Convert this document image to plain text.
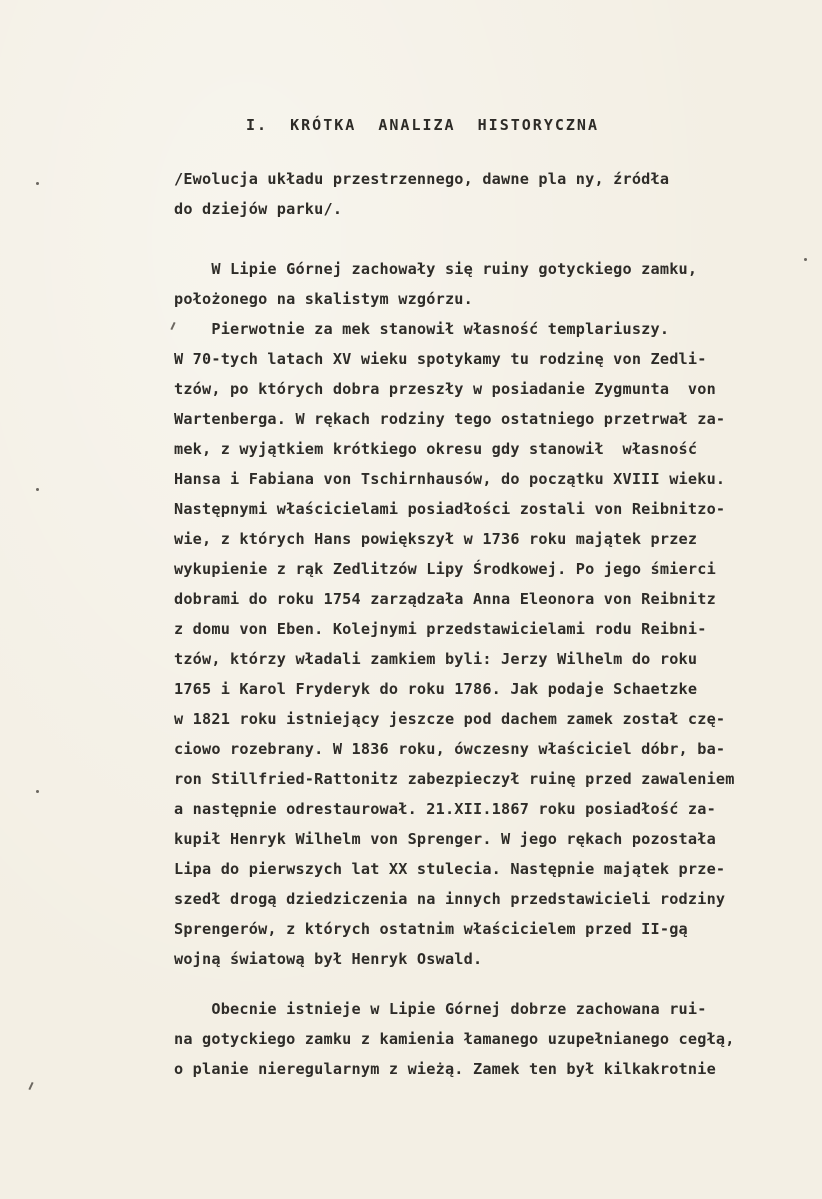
I.  KRÓTKA  ANALIZA  HISTORYCZNA
/Ewolucja układu przestrzennego, dawne pla ny, źródła
do dziejów parku/.
W Lipie Górnej zachowały się ruiny gotyckiego zamku,
położonego na skalistym wzgórzu.
Pierwotnie za mek stanowił własność templariuszy.
W 70-tych latach XV wieku spotykamy tu rodzinę von Zedli-
tzów, po których dobra przeszły w posiadanie Zygmunta  von
Wartenberga. W rękach rodziny tego ostatniego przetrwał za-
mek, z wyjątkiem krótkiego okresu gdy stanowił  własność
Hansa i Fabiana von Tschirnhausów, do początku XVIII wieku.
Następnymi właścicielami posiadłości zostali von Reibnitzo-
wie, z których Hans powiększył w 1736 roku majątek przez
wykupienie z rąk Zedlitzów Lipy Środkowej. Po jego śmierci
dobrami do roku 1754 zarządzała Anna Eleonora von Reibnitz
z domu von Eben. Kolejnymi przedstawicielami rodu Reibni-
tzów, którzy władali zamkiem byli: Jerzy Wilhelm do roku
1765 i Karol Fryderyk do roku 1786. Jak podaje Schaetzke
w 1821 roku istniejący jeszcze pod dachem zamek został czę-
ciowo rozebrany. W 1836 roku, ówczesny właściciel dóbr, ba-
ron Stillfried-Rattonitz zabezpieczył ruinę przed zawaleniem
a następnie odrestaurował. 21.XII.1867 roku posiadłość za-
kupił Henryk Wilhelm von Sprenger. W jego rękach pozostała
Lipa do pierwszych lat XX stulecia. Następnie majątek prze-
szedł drogą dziedziczenia na innych przedstawicieli rodziny
Sprengerów, z których ostatnim właścicielem przed II-gą
wojną światową był Henryk Oswald.
Obecnie istnieje w Lipie Górnej dobrze zachowana rui-
na gotyckiego zamku z kamienia łamanego uzupełnianego cegłą,
o planie nieregularnym z wieżą. Zamek ten był kilkakrotnie
